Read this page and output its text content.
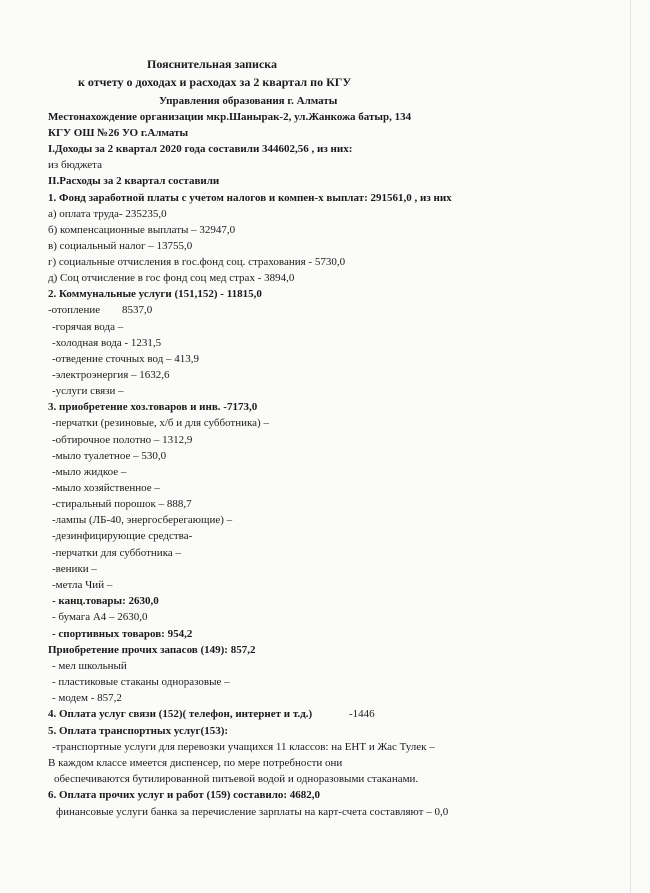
Пояснительная записка
к отчету о доходах и расходах за 2 квартал по КГУ
Управления образования г. Алматы
Местонахождение организации мкр.Шанырак-2, ул.Жанкожа батыр, 134
КГУ ОШ №26 УО г.Алматы
I.Доходы за 2 квартал 2020 года составили 344602,56 , из них:
из бюджета
II.Расходы за 2 квартал составили
1. Фонд заработной платы с учетом налогов и компен-х выплат: 291561,0 , из них
а) оплата труда- 235235,0
б) компенсационные выплаты – 32947,0
в) социальный налог – 13755,0
г) социальные отчисления в гос.фонд соц. страхования - 5730,0
д) Соц отчисление в гос фонд соц мед страх - 3894,0
2. Коммунальные услуги (151,152) - 11815,0
-отопление 8537,0
-горячая вода –
-холодная вода - 1231,5
-отведение сточных вод – 413,9
-электроэнергия – 1632,6
-услуги связи –
3. приобретение хоз.товаров и инв. -7173,0
-перчатки (резиновые, х/б и для субботника) –
-обтирочное полотно – 1312,9
-мыло туалетное – 530,0
-мыло жидкое –
-мыло хозяйственное –
-стиральный порошок – 888,7
-лампы (ЛБ-40, энергосберегающие) –
-дезинфицирующие средства-
-перчатки для субботника –
-веники –
-метла Чий –
- канц.товары: 2630,0
- бумага А4 – 2630,0
- спортивных товаров: 954,2
Приобретение прочих запасов (149): 857,2
- мел школьный
- пластиковые стаканы одноразовые –
- модем - 857,2
4. Оплата услуг связи (152)( телефон, интернет и т.д.)	-1446
5. Оплата транспортных услуг(153):
-транспортные услуги для перевозки учащихся 11 классов: на ЕНТ и Жас Тулек –
В каждом классе имеется диспенсер, по мере потребности они
обеспечиваются бутилированной питьевой водой и одноразовыми стаканами.
6. Оплата прочих услуг и работ (159) составило: 4682,0
финансовые услуги банка за перечисление зарплаты на карт-счета составляют – 0,0
